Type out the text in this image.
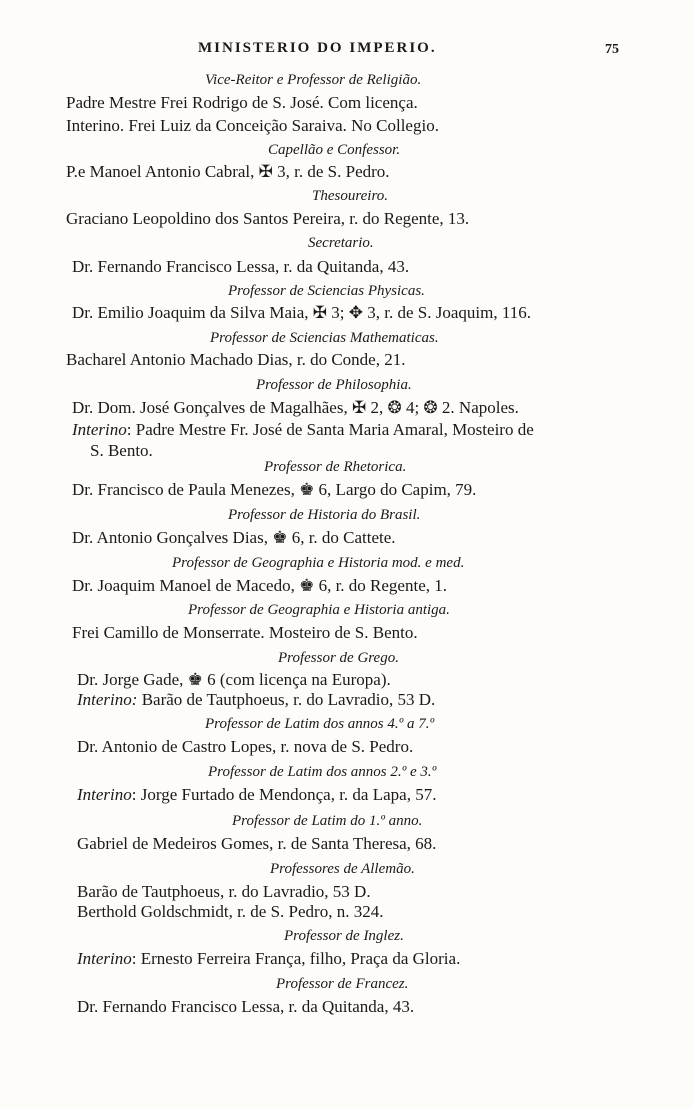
MINISTERIO DO IMPERIO.	75
Vice-Reitor e Professor de Religião.
Padre Mestre Frei Rodrigo de S. José. Com licença.
Interino. Frei Luiz da Conceição Saraiva. No Collegio.
Capellão e Confessor.
P.e Manoel Antonio Cabral, ✠ 3, r. de S. Pedro.
Thesoureiro.
Graciano Leopoldino dos Santos Pereira, r. do Regente, 13.
Secretario.
Dr. Fernando Francisco Lessa, r. da Quitanda, 43.
Professor de Sciencias Physicas.
Dr. Emilio Joaquim da Silva Maia, ✠ 3; ✥ 3, r. de S. Joaquim, 116.
Professor de Sciencias Mathematicas.
Bacharel Antonio Machado Dias, r. do Conde, 21.
Professor de Philosophia.
Dr. Dom. José Gonçalves de Magalhães, ✠ 2, ❂ 4; ❂ 2. Napoles.
Interino: Padre Mestre Fr. José de Santa Maria Amaral, Mosteiro de
S. Bento.
Professor de Rhetorica.
Dr. Francisco de Paula Menezes, ♚ 6, Largo do Capim, 79.
Professor de Historia do Brasil.
Dr. Antonio Gonçalves Dias, ♚ 6, r. do Cattete.
Professor de Geographia e Historia mod. e med.
Dr. Joaquim Manoel de Macedo, ♚ 6, r. do Regente, 1.
Professor de Geographia e Historia antiga.
Frei Camillo de Monserrate. Mosteiro de S. Bento.
Professor de Grego.
Dr. Jorge Gade, ♚ 6 (com licença na Europa).
Interino: Barão de Tautphoeus, r. do Lavradio, 53 D.
Professor de Latim dos annos 4.º a 7.º
Dr. Antonio de Castro Lopes, r. nova de S. Pedro.
Professor de Latim dos annos 2.º e 3.º
Interino: Jorge Furtado de Mendonça, r. da Lapa, 57.
Professor de Latim do 1.º anno.
Gabriel de Medeiros Gomes, r. de Santa Theresa, 68.
Professores de Allemão.
Barão de Tautphoeus, r. do Lavradio, 53 D.
Berthold Goldschmidt, r. de S. Pedro, n. 324.
Professor de Inglez.
Interino: Ernesto Ferreira França, filho, Praça da Gloria.
Professor de Francez.
Dr. Fernando Francisco Lessa, r. da Quitanda, 43.
